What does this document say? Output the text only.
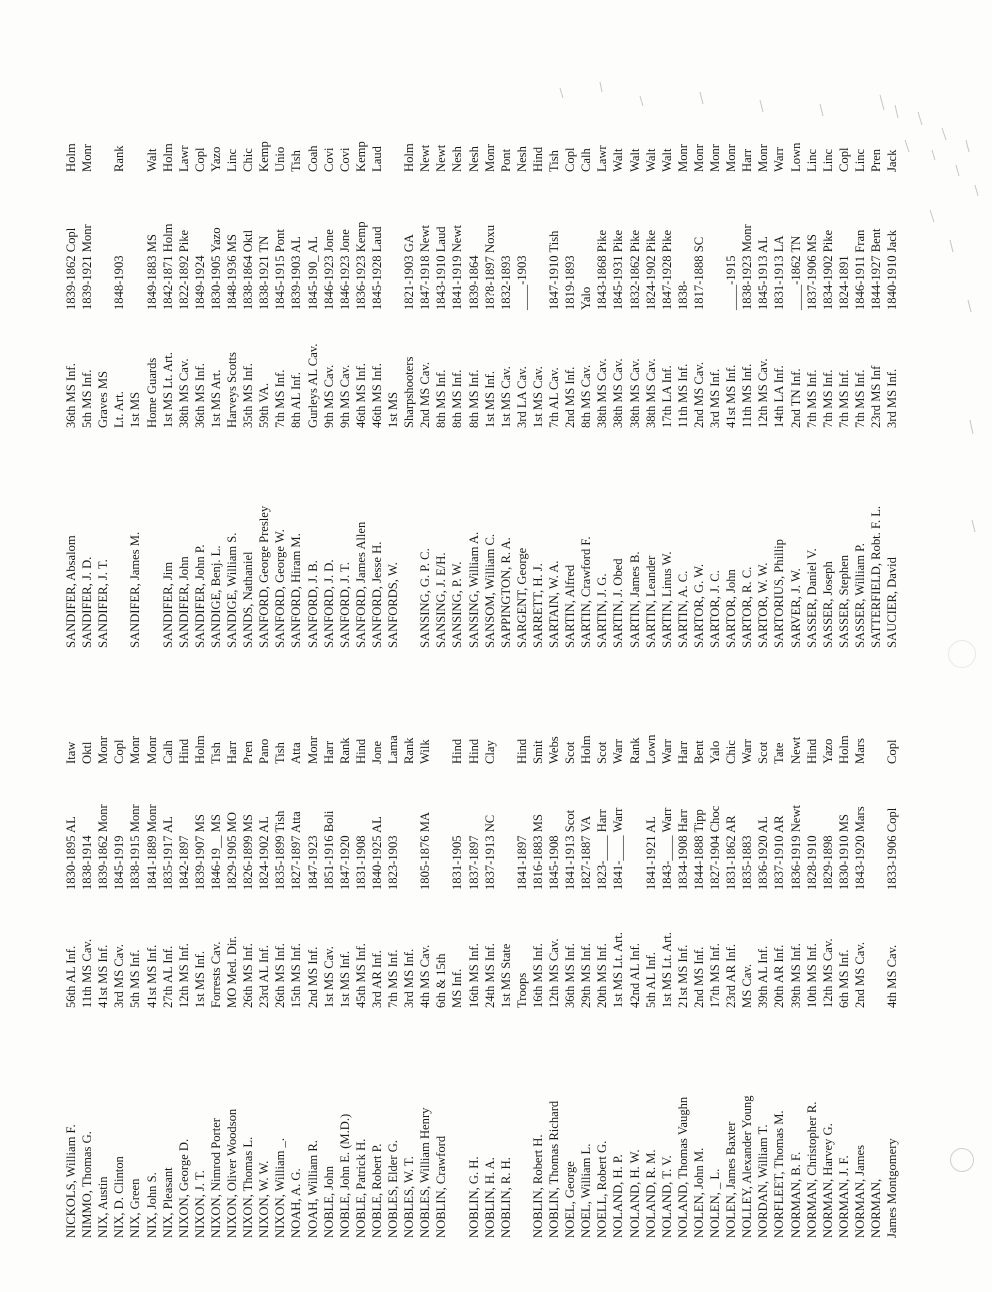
NICKOLS, William F.
56th AL Inf.
1830-1895 AL
Itaw
NIMMO, Thomas G.
11th MS Cav.
1838-1914
Oktl
NIX, Austin
41st MS Inf.
1839-1862 Monr
Monr
NIX, D. Clinton
3rd MS Cav.
1845-1919
Copl
NIX, Green
5th MS Inf.
1838-1915 Monr
Monr
NIX, John S.
41st MS Inf.
1841-1889 Monr
Monr
NIX, Pleasant
27th AL Inf.
1835-1917 AL
Calh
NIXON, George D.
12th MS Inf.
1842-1897
Hind
NIXON, J. T.
1st MS Inf.
1839-1907 MS
Holm
NIXON, Nimrod Porter
Forrests Cav.
1846-19__ MS
Tish
NIXON, Oliver Woodson
MO Med. Dir.
1829-1905 MO
Harr
NIXON, Thomas L.
26th MS Inf.
1826-1899 MS
Pren
NIXON, W. W.
23rd AL Inf.
1824-1902 AL
Pano
NIXON, William _.
26th MS Inf.
1835-1899 Tish
Tish
NOAH, A. G.
15th MS Inf.
1827-1897 Atta
Atta
NOAH, William R.
2nd MS Inf.
1847-1923
Monr
NOBLE, John
1st MS Cav.
1851-1916 Boli
Harr
NOBLE, John E. (M.D.)
1st MS Inf.
1847-1920
Rank
NOBLE, Patrick H.
45th MS Inf.
1831-1908
Hind
NOBLE, Robert P.
3rd AR Inf.
1840-1925 AL
Jone
NOBLES, Elder G.
7th MS Inf.
1823-1903
Lama
NOBLES, W. T.
3rd MS Inf.
Rank
NOBLES, William Henry
4th MS Cav.
1805-1876 MA
Wilk
NOBLIN, Crawford
6th & 15th MS Inf.
1831-1905
Hind
NOBLIN, G. H.
16th MS Inf.
1837-1897
Hind
NOBLIN, H. A.
24th MS Inf.
1837-1913 NC
Clay
NOBLIN, R. H.
1st MS State Troops
1841-1897
Hind
NOBLIN, Robert H.
16th MS Inf.
1816-1883 MS
Smit
NOBLIN, Thomas Richard
12th MS Cav.
1845-1908
Webs
NOEL, George
36th MS Inf.
1841-1913 Scot
Scot
NOEL, William L.
29th MS Inf.
1827-1887 VA
Holm
NOELL, Robert G.
20th MS Inf.
1823-____ Harr
Scot
NOLAND, H. P.
1st MS Lt. Art.
1841-____ Warr
Warr
NOLAND, H. W.
42nd AL Inf.
Rank
NOLAND, R. M.
5th AL Inf.
1841-1921 AL
Lown
NOLAND, T. V.
1st MS Lt. Art.
1843-____ Warr
Warr
NOLAND, Thomas Vaughn
21st MS Inf.
1834-1908 Harr
Harr
NOLEN, John M.
2nd MS Inf.
1844-1888 Tipp
Bent
NOLEN, _ L.
17th MS Inf.
1827-1904 Choc
Yalo
NOLEN, James Baxter
23rd AR Inf.
1831-1862 AR
Chic
NOLLEY, Alexander Young
MS Cav.
1835-1883
Warr
NORDAN, William T.
39th AL Inf.
1836-1920 AL
Scot
NORFLEET, Thomas M.
20th AR Inf.
1837-1910 AR
Tate
NORMAN, B. F.
39th MS Inf.
1836-1919 Newt
Newt
NORMAN, Christopher R.
10th MS Inf.
1828-1910
Hind
NORMAN, Harvey G.
12th MS Cav.
1829-1898
Yazo
NORMAN, J. F.
6th MS Inf.
1830-1910 MS
Holm
NORMAN, James
2nd MS Cav.
1843-1920 Mars
Mars
NORMAN, James Montgomery
4th MS Cav.
1833-1906 Copl
Copl
SANDIFER, Absalom
36th MS Inf.
1839-1862 Copl
Holm
SANDIFER, J. D.
5th MS Inf.
1839-1921 Monr
Monr
SANDIFER, J. T.
Graves MS Lt. Art.
1848-1903
Rank
SANDIFER, James M.
1st MS Home Guards
1849-1883 MS
Walt
SANDIFER, Jim
1st MS Lt. Art.
1842-1871 Holm
Holm
SANDIFER, John
38th MS Cav.
1822-1892 Pike
Lawr
SANDIFER, John P.
36th MS Inf.
1849-1924
Copl
SANDIGE, Benj. L.
1st MS Art.
1830-1905 Yazo
Yazo
SANDIGE, William S.
Harveys Scotts
1848-1936 MS
Linc
SANDS, Nathaniel
35th MS Inf.
1838-1864 Oktl
Chic
SANFORD, George Presley
59th VA.
1838-1921 TN
Kemp
SANFORD, George W.
7th MS Inf.
1845-1915 Pont
Unio
SANFORD, Hiram M.
8th AL Inf.
1839-1903 AL
Tish
SANFORD, J. B.
Gurleys AL Cav.
1845-190_ AL
Coah
SANFORD, J. D.
9th MS Cav.
1846-1923 Jone
Covi
SANFORD, J. T.
9th MS Cav.
1846-1923 Jone
Covi
SANFORD, James Allen
46th MS Inf.
1836-1923 Kemp
Kemp
SANFORD, Jesse H.
46th MS Inf.
1845-1928 Laud
Laud
SANFORDS, W.
1st MS Sharpshooters
1821-1903 GA
Holm
SANSING, G. P. C.
2nd MS Cav.
1847-1918 Newt
Newt
SANSING, J. E/H.
8th MS Inf.
1843-1910 Laud
Newt
SANSING, P. W.
8th MS Inf.
1841-1919 Newt
Nesh
SANSING, William A.
8th MS Inf.
1839-1864
Nesh
SANSOM, William C.
1st MS Inf.
18?8-1897 Noxu
Monr
SAPPINGTON, R. A.
1st MS Cav.
1832-1893
Pont
SARGENT, George
3rd LA Cav.
____-1903
Nesh
SARRETT, H. J.
1st MS Cav.
Hind
SARTAIN, W. A.
7th AL Cav.
1847-1910 Tish
Tish
SARTIN, Alfred
2nd MS Inf.
1819-1893
Copl
SARTIN, Crawford F.
8th MS Cav.
Yalo
Calh
SARTIN, J. G.
38th MS Cav.
1843-1868 Pike
Lawr
SARTIN, J. Obed
38th MS Cav.
1845-1931 Pike
Walt
SARTIN, James B.
38th MS Cav.
1832-1862 Pike
Walt
SARTIN, Leander
38th MS Cav.
1824-1902 Pike
Walt
SARTIN, Linus W.
17th LA Inf.
1847-1928 Pike
Walt
SARTIN, A. C.
11th MS Inf.
1838-
Monr
SARTOR, G. W.
2nd MS Cav.
1817-1888 SC
Monr
SARTOR, J. C.
3rd MS Inf.
Monr
SARTOR, John
41st MS Inf.
____-1915
Monr
SARTOR, R. C.
11th MS Inf.
1838-1923 Monr
Harr
SARTOR, W. W.
12th MS Cav.
1845-1913 AL
Monr
SARTORIUS, Phillip
14th LA Inf.
1831-1913 LA
Warr
SARVER, J. W.
2nd TN Inf.
____-1862 TN
Lown
SASSER, Daniel V.
7th MS Inf.
1837-1906 MS
Linc
SASSER, Joseph
7th MS Inf.
1834-1902 Pike
Linc
SASSER, Stephen
7th MS Inf.
1824-1891
Copl
SASSER, William P.
7th MS Inf.
1846-1911 Fran
Linc
SATTERFIELD, Robt. F. L.
23rd MS Inf
1844-1927 Bent
Pren
SAUCIER, David
3rd MS Inf.
1840-1910 Jack
Jack
